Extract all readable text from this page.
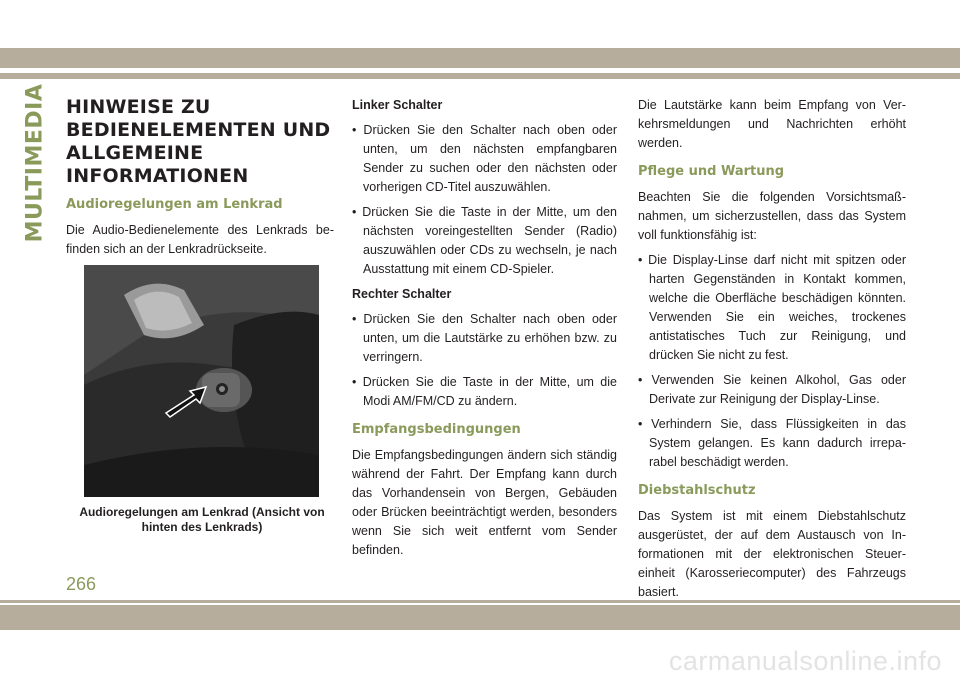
MULTIMEDIA HINWEISE ZU
BEDIENELEMENTEN UND
ALLGEMEINE
INFORMATIONEN
Audioregelungen am Lenkrad

Die Audio-Bedienelemente des Lenkrads befinden sich an der Lenkradrückseite.

Audioregelungen am Lenkrad (Ansicht von
hinten des Lenkrads)
Linker Schalter
• Drücken Sie den Schalter nach oben oder unten, um den nächsten empfangbaren Sender zu suchen oder den nächsten oder vorherigen CD-Titel auszuwählen.
• Drücken Sie die Taste in der Mitte, um den nächsten voreingestellten Sender (Radio) auszuwählen oder CDs zu wechseln, je nach Ausstattung mit einem CD-Spieler.
Rechter Schalter
• Drücken Sie den Schalter nach oben oder unten, um die Lautstärke zu erhöhen bzw. zu verringern.
• Drücken Sie die Taste in der Mitte, um die Modi AM/FM/CD zu ändern.
Empfangsbedingungen

Die Empfangsbedingungen ändern sich ständig während der Fahrt. Der Empfang kann durch das Vorhandensein von Bergen, Gebäuden oder Brücken beeinträchtigt werden, besonders wenn Sie sich weit entfernt vom Sender befinden.

Die Lautstärke kann beim Empfang von Verkehrsmeldungen und Nachrichten erhöht werden.

Pflege und Wartung

Beachten Sie die folgenden Vorsichtsmaßnahmen, um sicherzustellen, dass das System voll funktionsfähig ist:

• Die Display-Linse darf nicht mit spitzen oder harten Gegenständen in Kontakt kommen, welche die Oberfläche beschädigen könnten. Verwenden Sie ein weiches, trockenes antistatisches Tuch zur Reinigung, und drücken Sie nicht zu fest.
• Verwenden Sie keinen Alkohol, Gas oder Derivate zur Reinigung der Display-Linse.
• Verhindern Sie, dass Flüssigkeiten in das System gelangen. Es kann dadurch irreparabel beschädigt werden.
Diebstahlschutz

Das System ist mit einem Diebstahlschutz ausgerüstet, der auf dem Austausch von Informationen mit der elektronischen Steuereinheit (Karosseriecomputer) des Fahrzeugs basiert.

266
carmanualsonline.info
